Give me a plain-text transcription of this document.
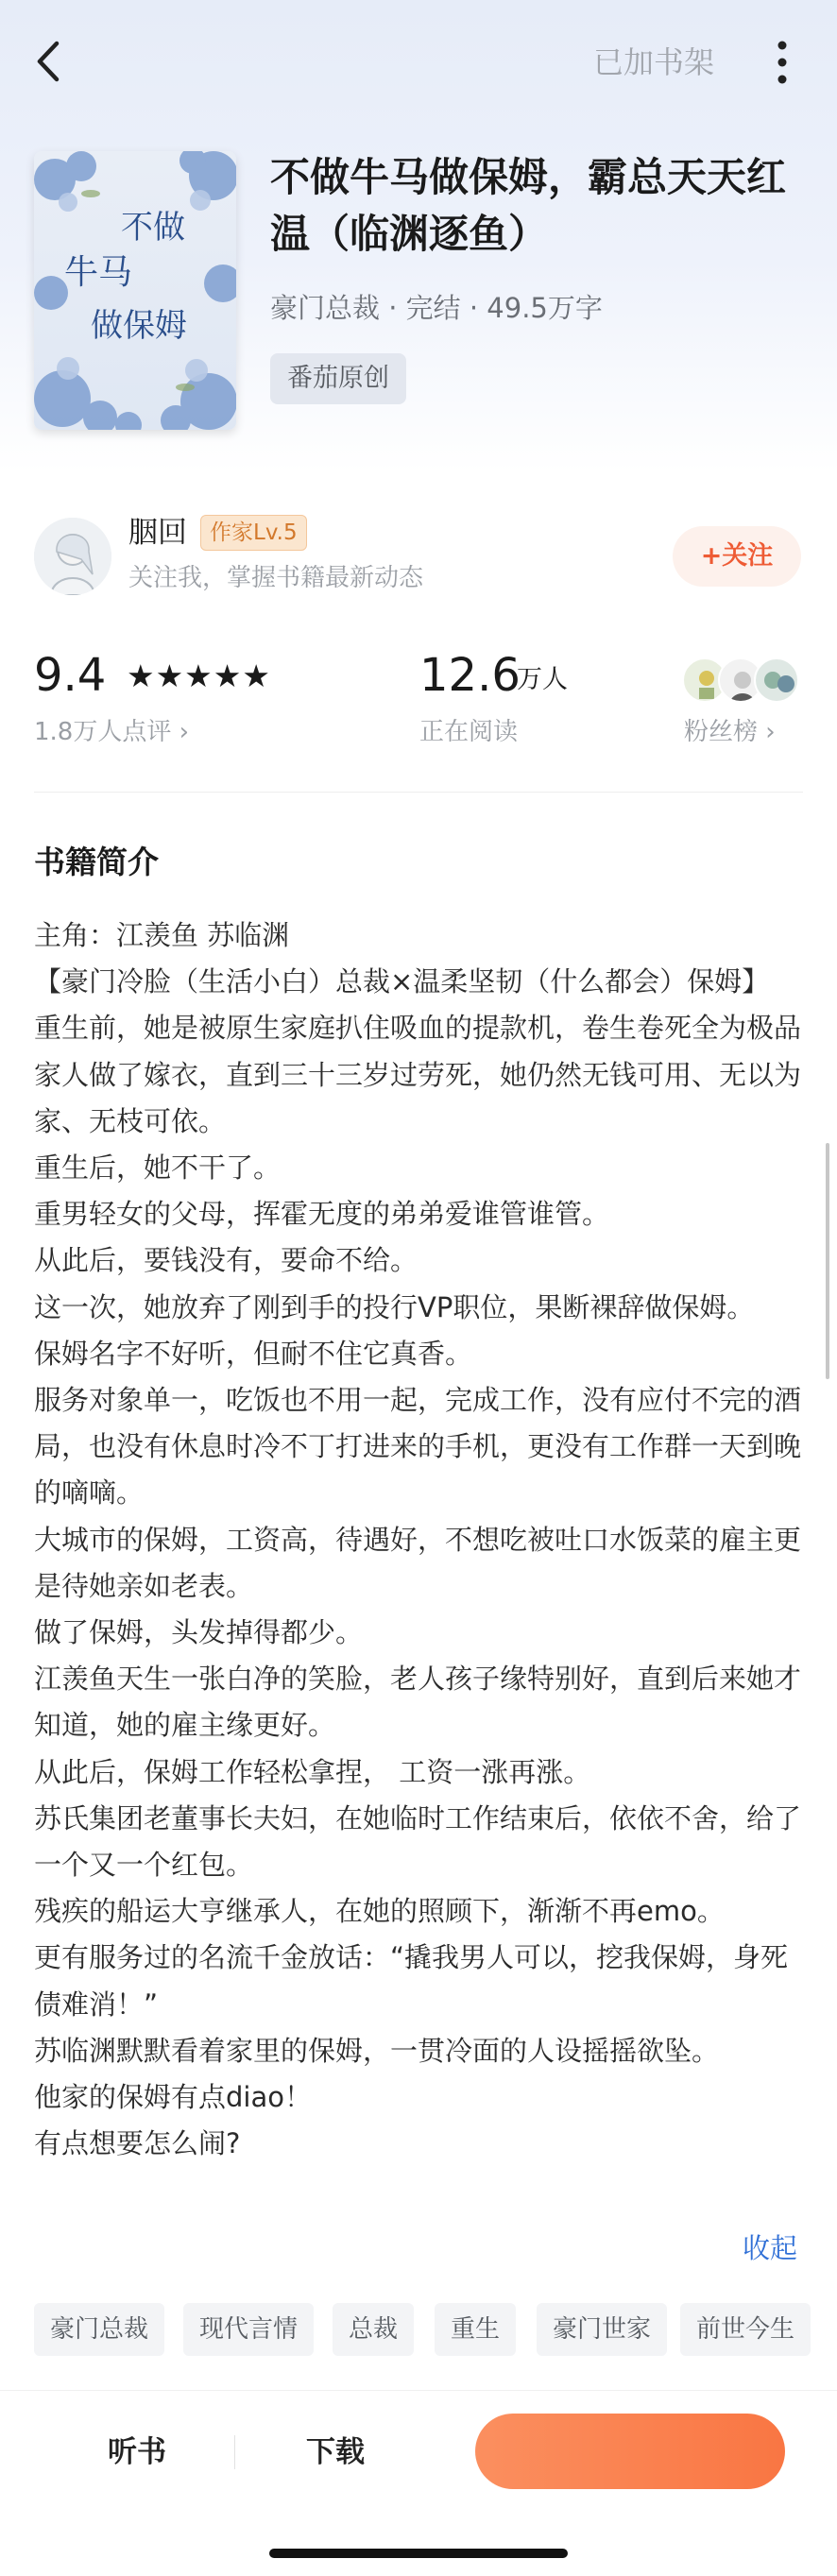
已加书架
不做
牛马
做保姆
不做牛马做保姆，霸总天天红温（临渊逐鱼）
豪门总裁 · 完结 · 49.5万字
番茄原创
胭回	作家Lv.5
关注我，掌握书籍最新动态
+关注
9.4 ★★★★★
1.8万人点评 ›
12.6
万人
正在阅读	粉丝榜 ›
书籍简介

主角：江羡鱼 苏临渊

【豪门冷脸（生活小白）总裁×温柔坚韧（什么都会）保姆】

重生前，她是被原生家庭扒住吸血的提款机，卷生卷死全为极品家人做了嫁衣，直到三十三岁过劳死，她仍然无钱可用、无以为家、无枝可依。

重生后，她不干了。

重男轻女的父母，挥霍无度的弟弟爱谁管谁管。

从此后，要钱没有，要命不给。

这一次，她放弃了刚到手的投行VP职位，果断裸辞做保姆。

保姆名字不好听，但耐不住它真香。

服务对象单一，吃饭也不用一起，完成工作，没有应付不完的酒局，也没有休息时冷不丁打进来的手机，更没有工作群一天到晚的嘀嘀。

大城市的保姆，工资高，待遇好，不想吃被吐口水饭菜的雇主更是待她亲如老表。

做了保姆，头发掉得都少。

江羡鱼天生一张白净的笑脸，老人孩子缘特别好，直到后来她才知道，她的雇主缘更好。

从此后，保姆工作轻松拿捏， 工资一涨再涨。

苏氏集团老董事长夫妇，在她临时工作结束后，依依不舍，给了一个又一个红包。

残疾的船运大亨继承人，在她的照顾下，渐渐不再emo。

更有服务过的名流千金放话：“撬我男人可以，挖我保姆，身死债难消！”

苏临渊默默看着家里的保姆，一贯冷面的人设摇摇欲坠。

他家的保姆有点diao！

有点想要怎么闹?

收起
豪门总裁	现代言情	总裁	重生	豪门世家	前世今生
听书	下载
